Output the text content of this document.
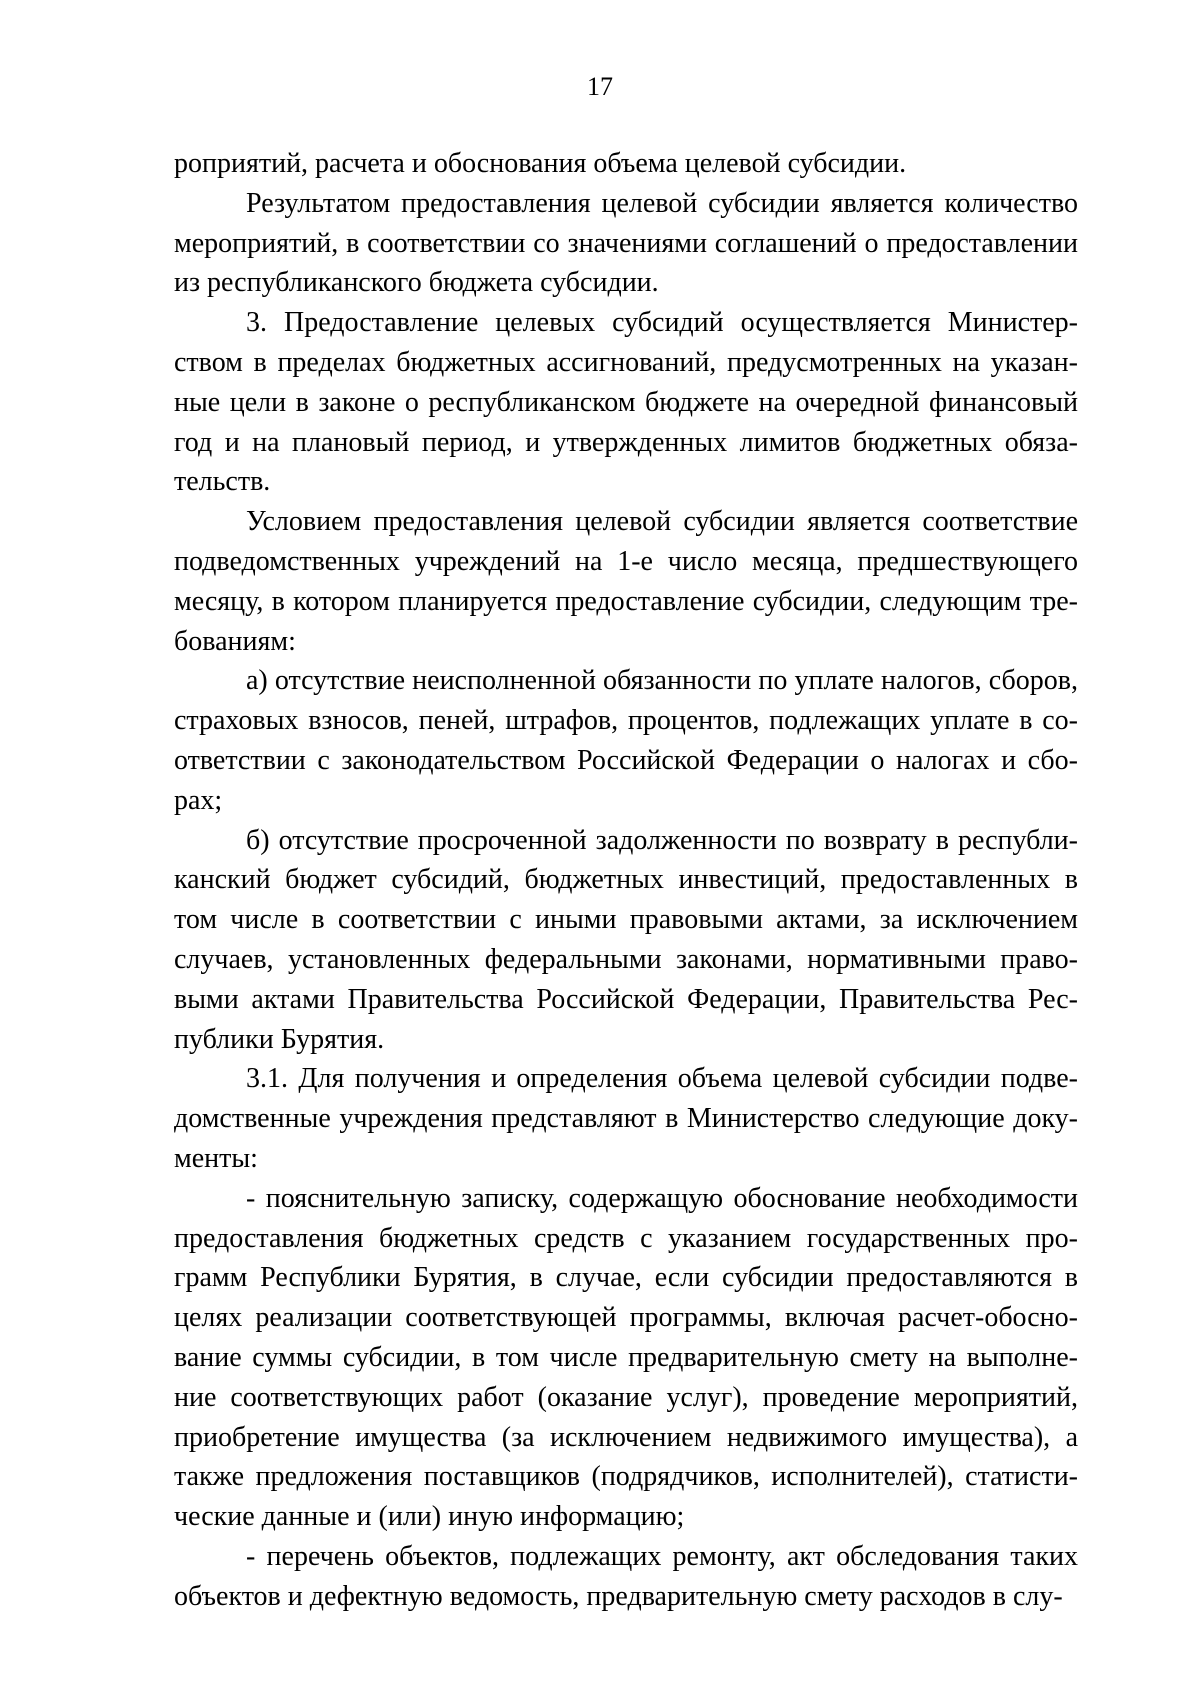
17

роприятий, расчета и обоснования объема целевой субсидии.

Результатом предоставления целевой субсидии является количество мероприятий, в соответствии со значениями соглашений о предоставлении из республиканского бюджета субсидии.

3. Предоставление целевых субсидий осуществляется Министерством в пределах бюджетных ассигнований, предусмотренных на указанные цели в законе о республиканском бюджете на очередной финансовый год и на плановый период, и утвержденных лимитов бюджетных обязательств.

Условием предоставления целевой субсидии является соответствие подведомственных учреждений на 1-е число месяца, предшествующего месяцу, в котором планируется предоставление субсидии, следующим требованиям:

а) отсутствие неисполненной обязанности по уплате налогов, сборов, страховых взносов, пеней, штрафов, процентов, подлежащих уплате в соответствии с законодательством Российской Федерации о налогах и сборах;

б) отсутствие просроченной задолженности по возврату в республиканский бюджет субсидий, бюджетных инвестиций, предоставленных в том числе в соответствии с иными правовыми актами, за исключением случаев, установленных федеральными законами, нормативными правовыми актами Правительства Российской Федерации, Правительства Республики Бурятия.

3.1. Для получения и определения объема целевой субсидии подведомственные учреждения представляют в Министерство следующие документы:

- пояснительную записку, содержащую обоснование необходимости предоставления бюджетных средств с указанием государственных программ Республики Бурятия, в случае, если субсидии предоставляются в целях реализации соответствующей программы, включая расчет-обоснование суммы субсидии, в том числе предварительную смету на выполнение соответствующих работ (оказание услуг), проведение мероприятий, приобретение имущества (за исключением недвижимого имущества), а также предложения поставщиков (подрядчиков, исполнителей), статистические данные и (или) иную информацию;

- перечень объектов, подлежащих ремонту, акт обследования таких объектов и дефектную ведомость, предварительную смету расходов в слу-
